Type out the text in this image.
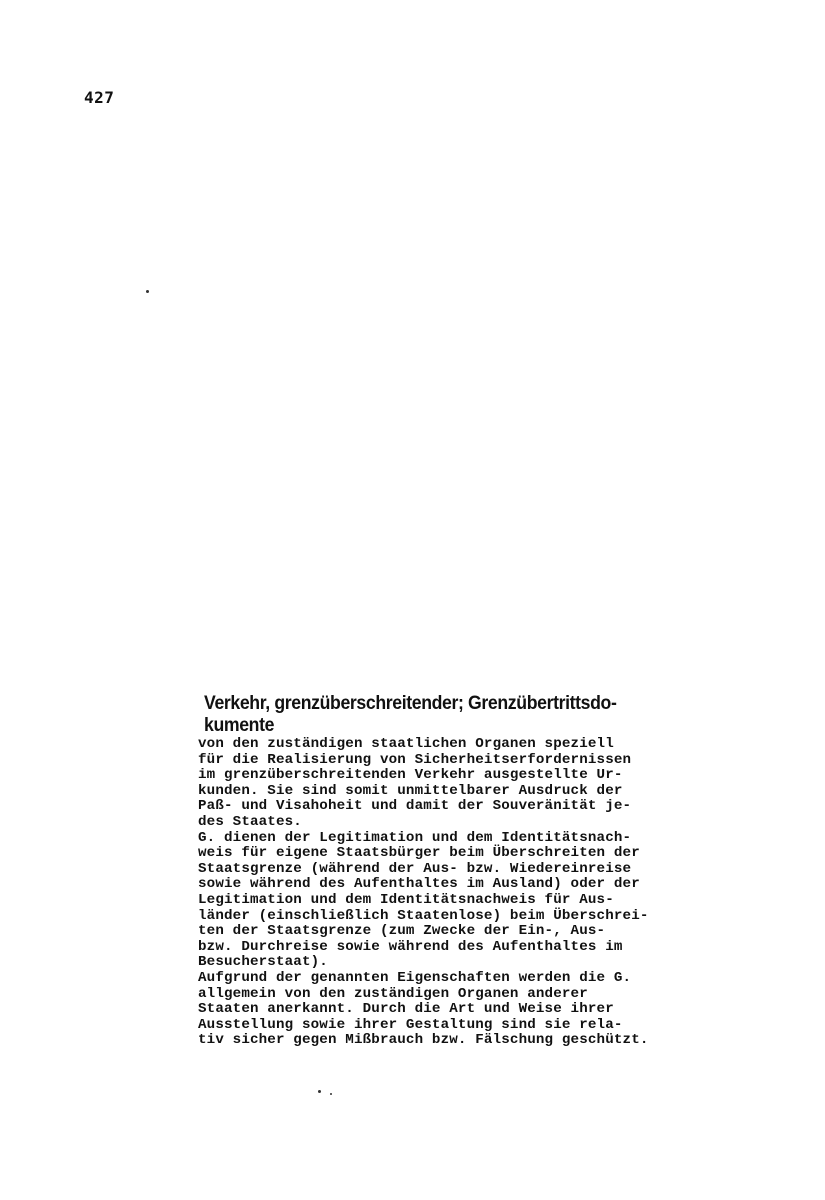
427
Verkehr, grenzüberschreitender; Grenzübertrittsdo-
kumente
von den zuständigen staatlichen Organen speziell
für die Realisierung von Sicherheitserfordernissen
im grenzüberschreitenden Verkehr ausgestellte Ur-
kunden. Sie sind somit unmittelbarer Ausdruck der
Paß- und Visahoheit und damit der Souveränität je-
des Staates.
G. dienen der Legitimation und dem Identitätsnach-
weis für eigene Staatsbürger beim Überschreiten der
Staatsgrenze (während der Aus- bzw. Wiedereinreise
sowie während des Aufenthaltes im Ausland) oder der
Legitimation und dem Identitätsnachweis für Aus-
länder (einschließlich Staatenlose) beim Überschrei-
ten der Staatsgrenze (zum Zwecke der Ein-, Aus-
bzw. Durchreise sowie während des Aufenthaltes im
Besucherstaat).
Aufgrund der genannten Eigenschaften werden die G.
allgemein von den zuständigen Organen anderer
Staaten anerkannt. Durch die Art und Weise ihrer
Ausstellung sowie ihrer Gestaltung sind sie rela-
tiv sicher gegen Mißbrauch bzw. Fälschung geschützt.
